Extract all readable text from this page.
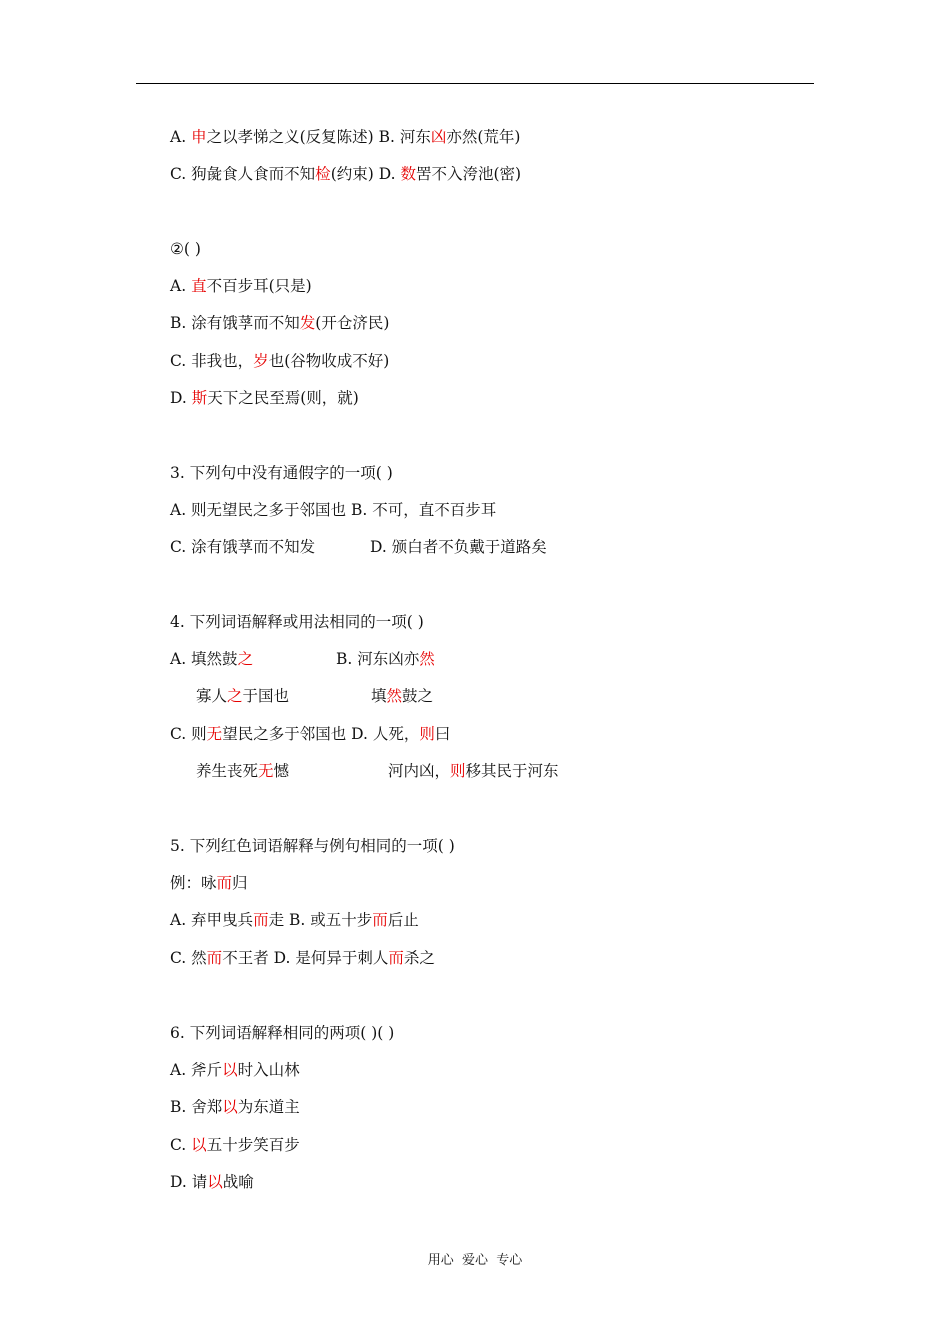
A. 申之以孝悌之义(反复陈述) B. 河东凶亦然(荒年)
C. 狗彘食人食而不知检(约束) D. 数罟不入洿池(密)
②( )
A. 直不百步耳(只是)
B. 涂有饿莩而不知发(开仓济民)
C. 非我也，岁也(谷物收成不好)
D. 斯天下之民至焉(则，就)
3. 下列句中没有通假字的一项( )
A. 则无望民之多于邻国也 B. 不可，直不百步耳
C. 涂有饿莩而不知发	D. 颁白者不负戴于道路矣
4. 下列词语解释或用法相同的一项( )
A. 填然鼓之	B. 河东凶亦然
寡人之于国也	填然鼓之
C. 则无望民之多于邻国也 D. 人死，则曰
养生丧死无憾	河内凶，则移其民于河东
5. 下列红色词语解释与例句相同的一项( )
例：咏而归
A. 弃甲曳兵而走 B. 或五十步而后止
C. 然而不王者 D. 是何异于刺人而杀之
6. 下列词语解释相同的两项( )( )
A. 斧斤以时入山林
B. 舍郑以为东道主
C. 以五十步笑百步
D. 请以战喻
用心  爱心  专心
